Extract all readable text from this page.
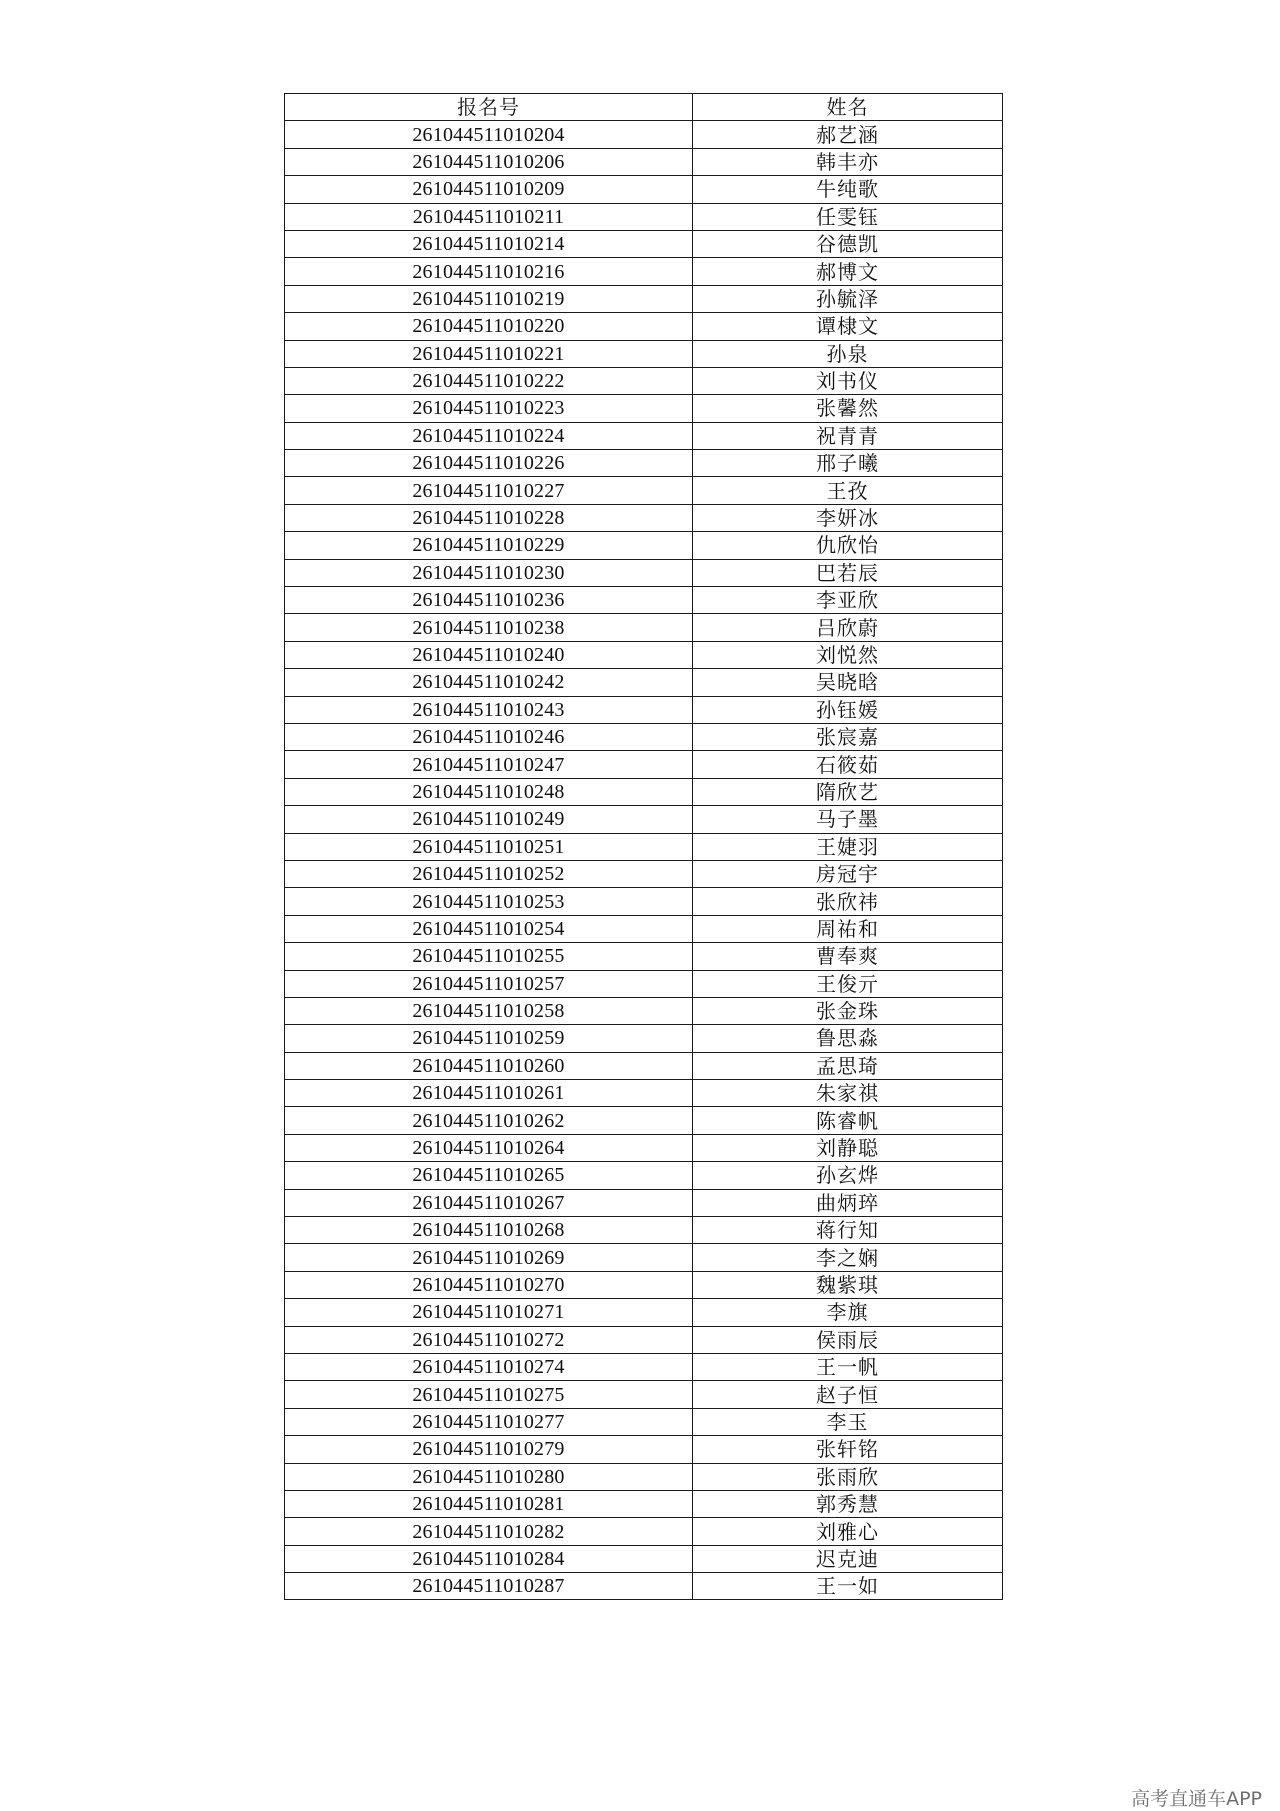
报名号	姓名
261044511010204	郝艺涵
261044511010206	韩丰亦
261044511010209	牛纯歌
261044511010211	任雯钰
261044511010214	谷德凯
261044511010216	郝博文
261044511010219	孙毓泽
261044511010220	谭棣文
261044511010221	孙泉
261044511010222	刘书仪
261044511010223	张馨然
261044511010224	祝青青
261044511010226	邢子曦
261044511010227	王孜
261044511010228	李妍冰
261044511010229	仇欣怡
261044511010230	巴若辰
261044511010236	李亚欣
261044511010238	吕欣蔚
261044511010240	刘悦然
261044511010242	吴晓晗
261044511010243	孙钰媛
261044511010246	张宸嘉
261044511010247	石筱茹
261044511010248	隋欣艺
261044511010249	马子墨
261044511010251	王婕羽
261044511010252	房冠宇
261044511010253	张欣祎
261044511010254	周祐和
261044511010255	曹奉爽
261044511010257	王俊亓
261044511010258	张金珠
261044511010259	鲁思淼
261044511010260	孟思琦
261044511010261	朱家祺
261044511010262	陈睿帆
261044511010264	刘静聪
261044511010265	孙玄烨
261044511010267	曲炳琗
261044511010268	蒋行知
261044511010269	李之娴
261044511010270	魏紫琪
261044511010271	李旗
261044511010272	侯雨辰
261044511010274	王一帆
261044511010275	赵子恒
261044511010277	李玉
261044511010279	张轩铭
261044511010280	张雨欣
261044511010281	郭秀慧
261044511010282	刘雅心
261044511010284	迟克迪
261044511010287	王一如
高考直通车APP
